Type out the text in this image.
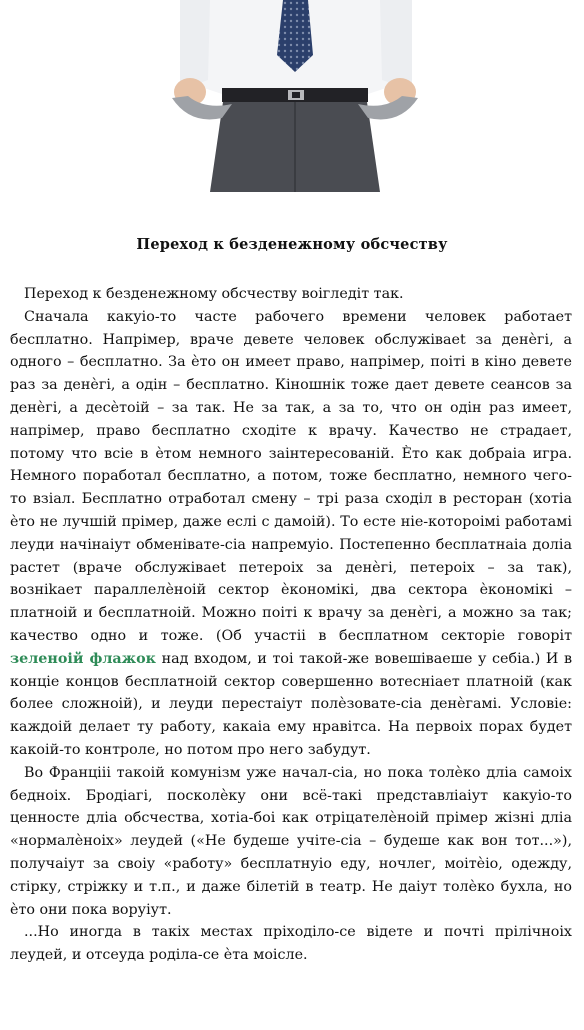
Переход к безденежному обсчеству

Переход к безденежному обсчеству воігледіт так.

Сначала какуіо-то часте рабочего времени человек работает бесплатно. Напрімер, враче девете человек обслужіваеt за денѐгі, а одного – бесплатно. За ѐто он имеет право, напрімер, поіті в кіно девете раз за денѐгі, а одін – бесплатно. Кіношнік тоже дает девете сеансов за денѐгі, а десѐтоій – за так. Не за так, а за то, что он одін раз имеет, напрімер, право бесплатно сходіте к врачу. Качество не страдает, потому что всіе в ѐтом немного заінтересованій. Ѐто как добраіа игра. Немного поработал бесплатно, а потом, тоже бесплатно, немного чего-то взіал. Бесплатно отработал смену – трі раза сходіл в ресторан (хотіа ѐто не лучшій прімер, даже еслі с дамоій). То есте ніе-котороімі работамі леуди начінаіут обменівате-сіа напремуіо. Постепенно бесплатнаіа доліа растет (враче обслужіваеt петероіх за денѐгі, петероіх – за так), возніkает параллелѐноій сектор ѐкономікі, два сектора ѐкономікі – платноій и бесплатноій. Можно поіті к врачу за денѐгі, а можно за так; качество одно и тоже. (Об участіі в бесплатном секторіе говоріт зеленоій флажок над входом, и тоі такой-же вовешіваеше у себіа.) И в конціе концов бесплатноій сектор совершенно вотеснiает платноій (как более сложноій), и леуди перестаіут полѐзовате-сіа денѐгамі. Условіе: каждоій делает ту работу, какаіа ему нравітса. На первоіх порах будет какоій-то контроле, но потом про него забудут.

Во Францііі такоій комунізм уже начал-сіа, но пока толѐко дліа самоіх бедноіх. Бродіагі, посколѐку они всё-такі представліаіут какуіо-то ценносте дліа обсчества, хотіа-боі как отріцателѐноій прімер жізні дліа «нормалѐноіх» леудей («Не будеше учіте-сіа – будеше как вон тот...»), получаіут за своіу «работу» бесплатнуіо еду, ночлег, моітѐіо, одежду, стірку, стріжку и т.п., и даже білетій в театр. Не даіут толѐко бухла, но ѐто они пока воруіут.

...Но иногда в такіх местах пріходіло-се відете и почті прілічноіх леудей, и отсеуда роділа-се ѐта моісле.
